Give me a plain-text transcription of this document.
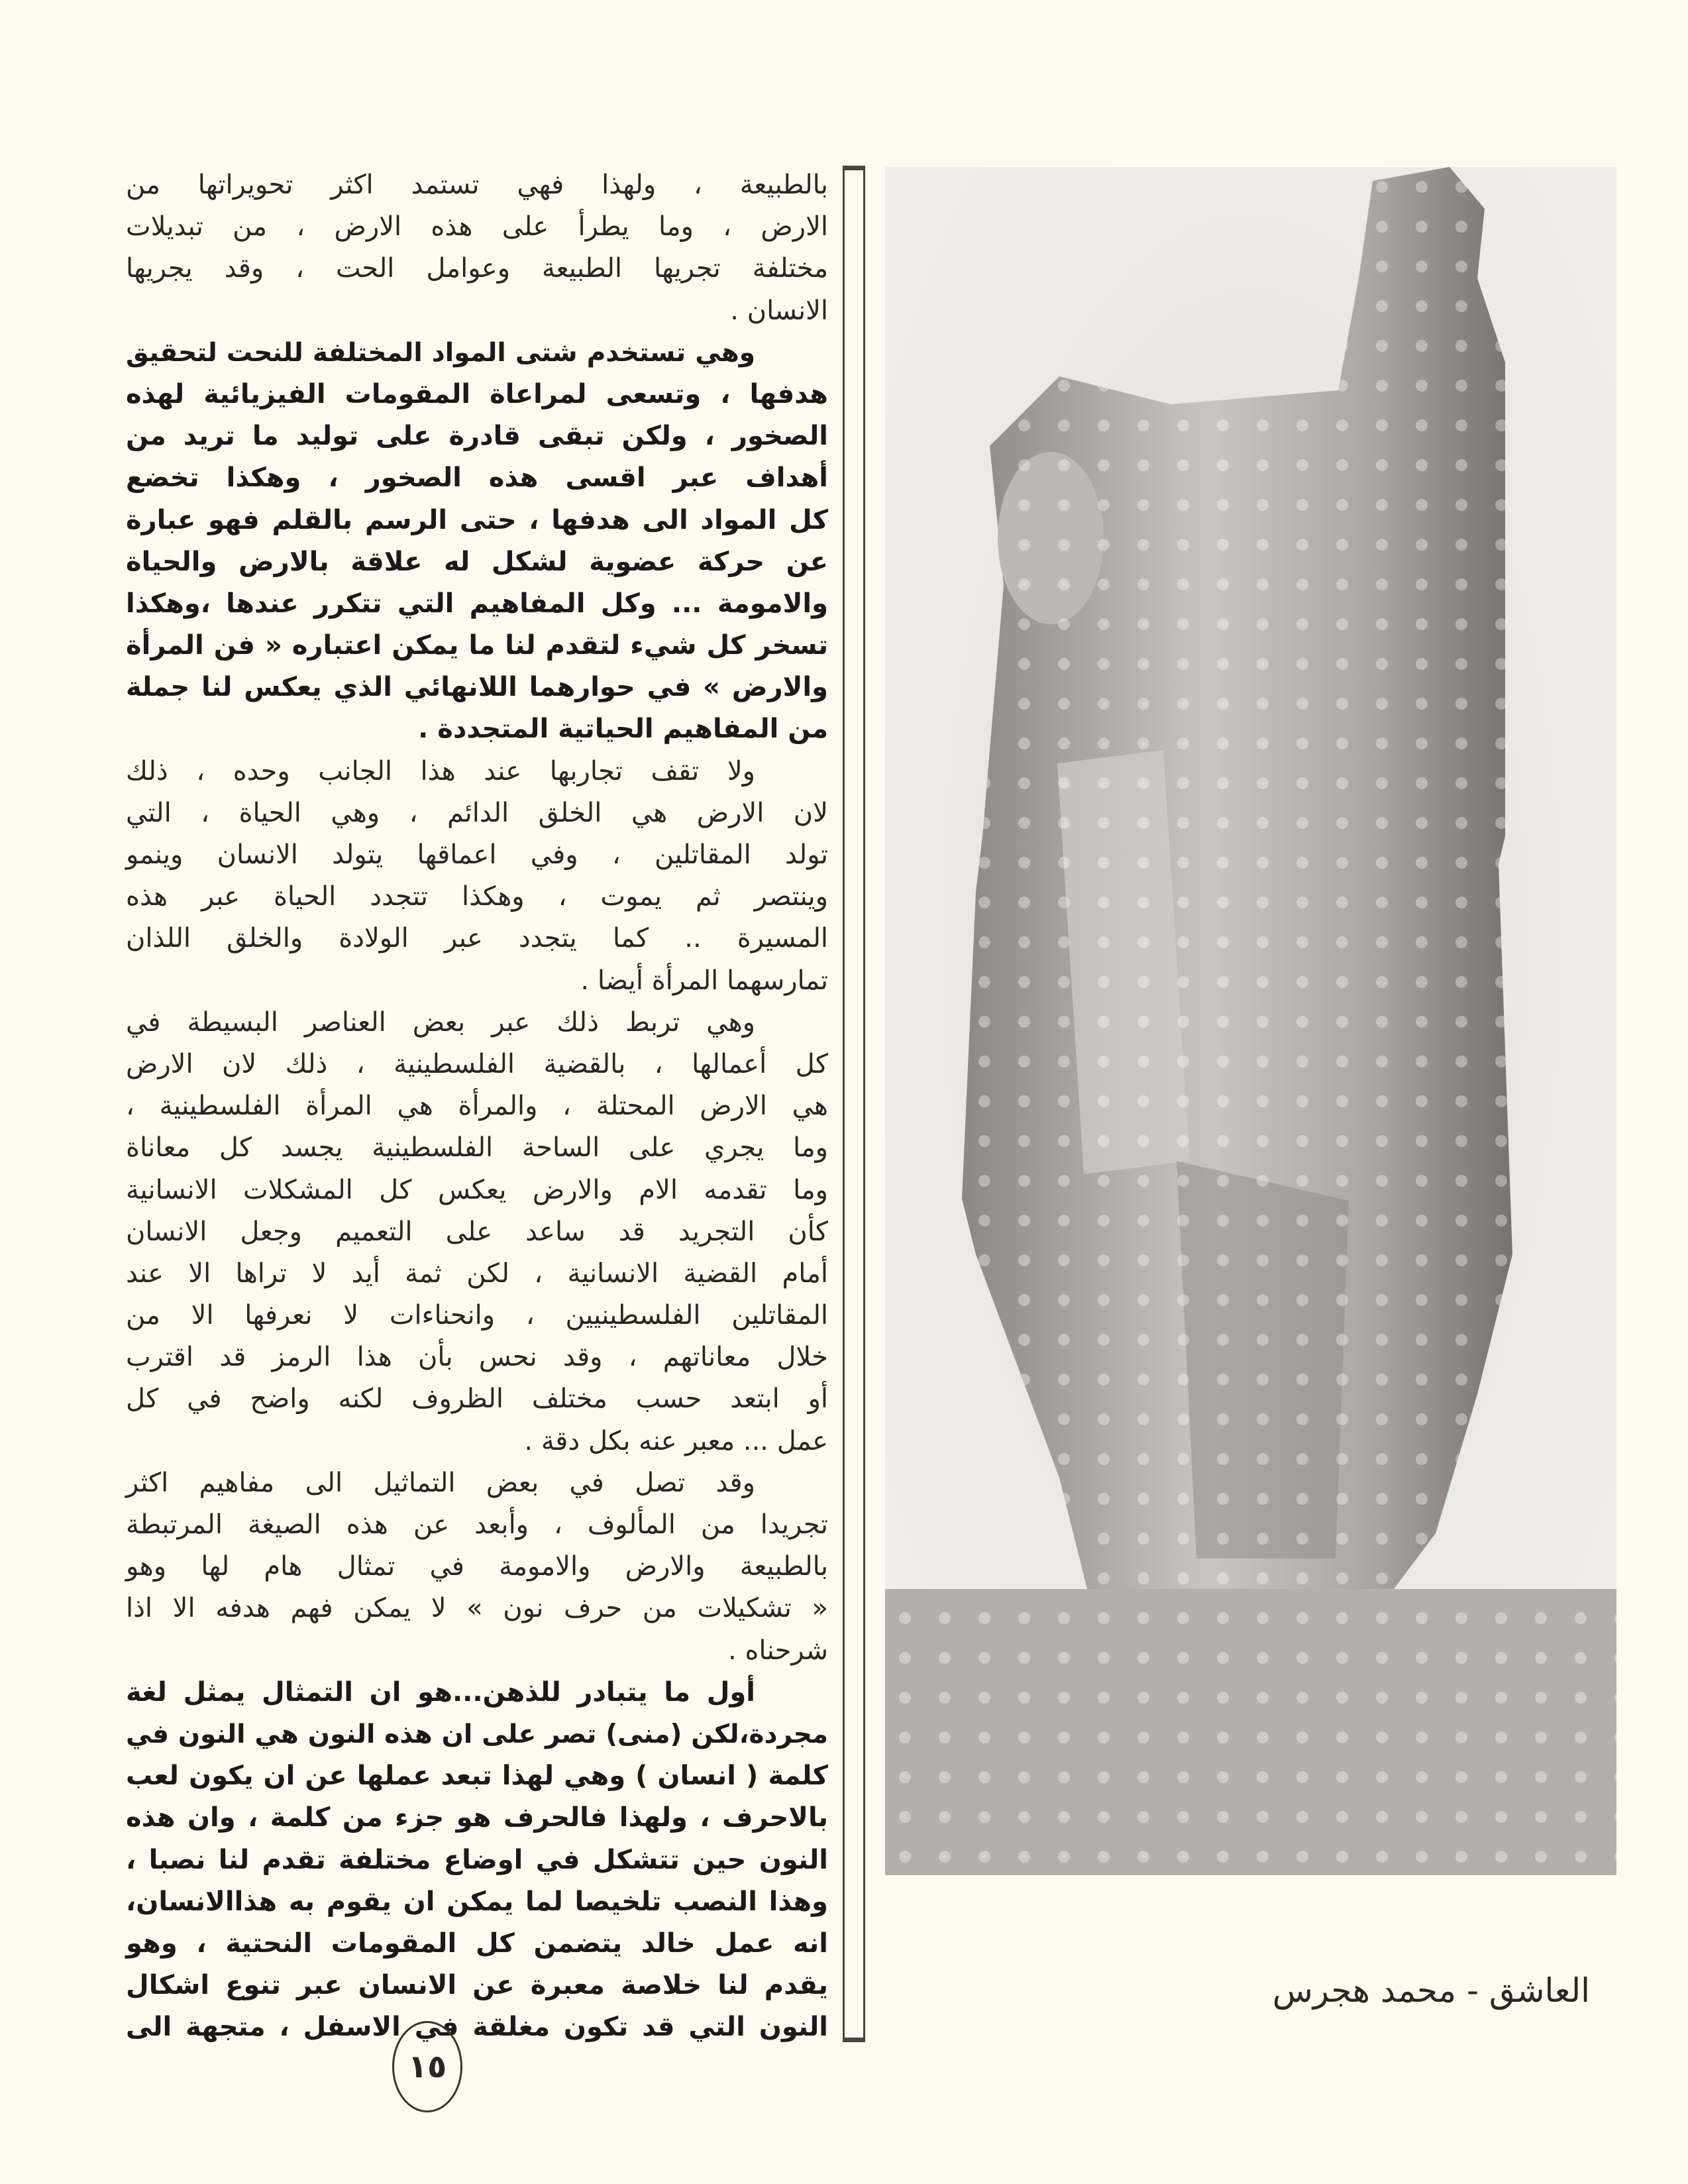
بالطبيعة ، ولهذا فهي تستمد اكثر تحويراتها من
الارض ، وما يطرأ على هذه الارض ، من تبديلات
مختلفة تجريها الطبيعة وعوامل الحت ، وقد يجريها
الانسان .
وهي تستخدم شتى المواد المختلفة للنحت لتحقيق
هدفها ، وتسعى لمراعاة المقومات الفيزيائية لهذه
الصخور ، ولكن تبقى قادرة على توليد ما تريد من
أهداف عبر اقسى هذه الصخور ، وهكذا تخضع
كل المواد الى هدفها ، حتى الرسم بالقلم فهو عبارة
عن حركة عضوية لشكل له علاقة بالارض والحياة
والامومة ... وكل المفاهيم التي تتكرر عندها ،وهكذا
تسخر كل شيء لتقدم لنا ما يمكن اعتباره « فن المرأة
والارض » في حوارهما اللانهائي الذي يعكس لنا جملة
من المفاهيم الحياتية المتجددة .
ولا تقف تجاربها عند هذا الجانب وحده ، ذلك
لان الارض هي الخلق الدائم ، وهي الحياة ، التي
تولد المقاتلين ، وفي اعماقها يتولد الانسان وينمو
وينتصر ثم يموت ، وهكذا تتجدد الحياة عبر هذه
المسيرة .. كما يتجدد عبر الولادة والخلق اللذان
تمارسهما المرأة أيضا .
وهي تربط ذلك عبر بعض العناصر البسيطة في
كل أعمالها ، بالقضية الفلسطينية ، ذلك لان الارض
هي الارض المحتلة ، والمرأة هي المرأة الفلسطينية ،
وما يجري على الساحة الفلسطينية يجسد كل معاناة
وما تقدمه الام والارض يعكس كل المشكلات الانسانية
كأن التجريد قد ساعد على التعميم وجعل الانسان
أمام القضية الانسانية ، لكن ثمة أيد لا تراها الا عند
المقاتلين الفلسطينيين ، وانحناءات لا نعرفها الا من
خلال معاناتهم ، وقد نحس بأن هذا الرمز قد اقترب
أو ابتعد حسب مختلف الظروف لكنه واضح في كل
عمل ... معبر عنه بكل دقة .
وقد تصل في بعض التماثيل الى مفاهيم اكثر
تجريدا من المألوف ، وأبعد عن هذه الصيغة المرتبطة
بالطبيعة والارض والامومة في تمثال هام لها وهو
« تشكيلات من حرف نون » لا يمكن فهم هدفه الا اذا
شرحناه .
أول ما يتبادر للذهن...هو ان التمثال يمثل لغة
مجردة،لكن (منى) تصر على ان هذه النون هي النون في
كلمة ( انسان ) وهي لهذا تبعد عملها عن ان يكون لعب
بالاحرف ، ولهذا فالحرف هو جزء من كلمة ، وان هذه
النون حين تتشكل في اوضاع مختلفة تقدم لنا نصبا ،
وهذا النصب تلخيصا لما يمكن ان يقوم به هذاالانسان،
انه عمل خالد يتضمن كل المقومات النحتية ، وهو
يقدم لنا خلاصة معبرة عن الانسان عبر تنوع اشكال
النون التي قد تكون مغلقة في الاسفل ، متجهة الى
العاشق - محمد هجرس
١٥
